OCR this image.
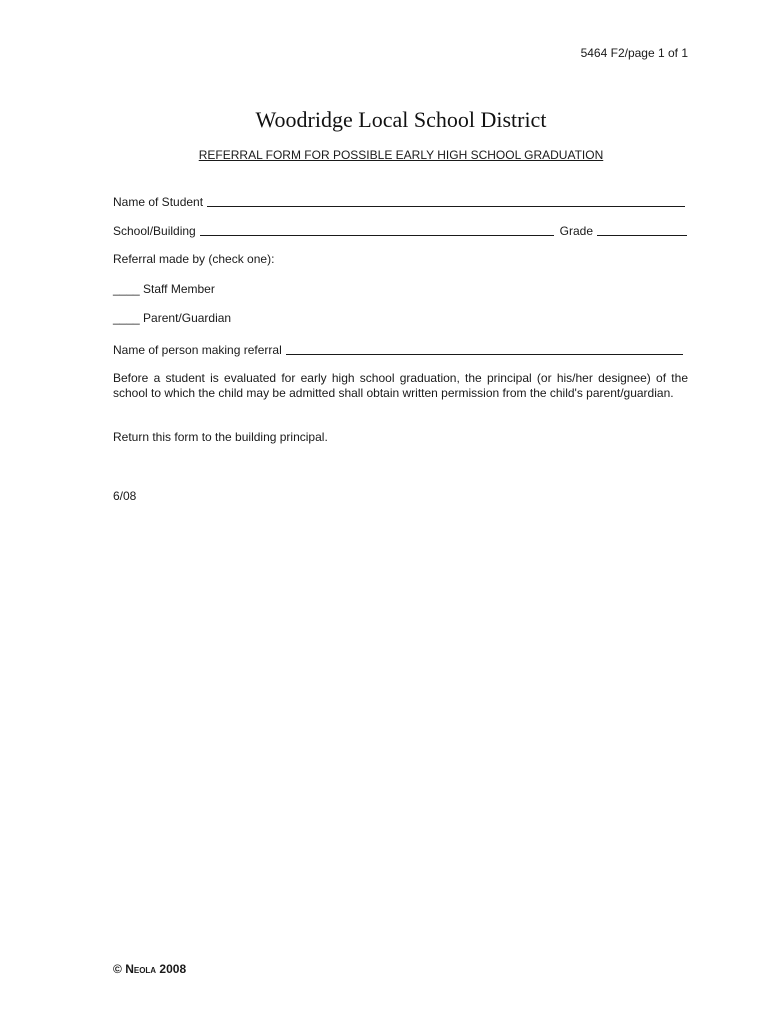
5464 F2/page 1 of 1
Woodridge Local School District
REFERRAL FORM FOR POSSIBLE EARLY HIGH SCHOOL GRADUATION
Name of Student
School/Building	Grade
Referral made by (check one):
____ Staff Member
____ Parent/Guardian
Name of person making referral
Before a student is evaluated for early high school graduation, the principal (or his/her designee) of the school to which the child may be admitted shall obtain written permission from the child's parent/guardian.
Return this form to the building principal.
6/08
© Neola 2008
